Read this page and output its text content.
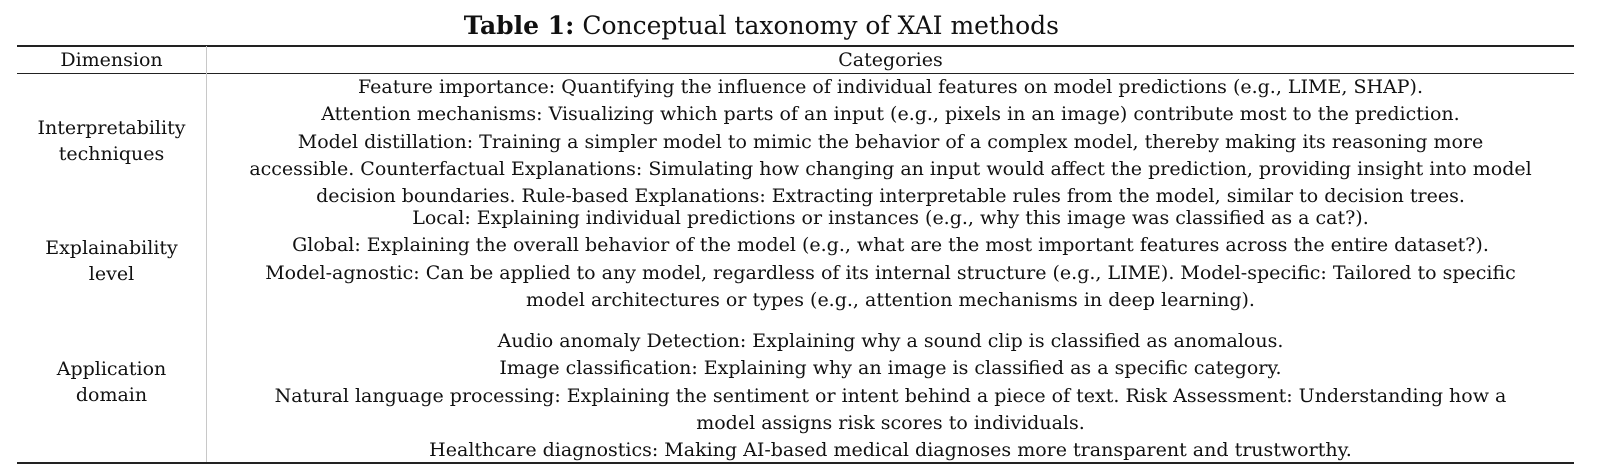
Table 1: Conceptual taxonomy of XAI methods
Dimension	Categories
Interpretability
techniques
Feature importance: Quantifying the influence of individual features on model predictions (e.g., LIME, SHAP).
Attention mechanisms: Visualizing which parts of an input (e.g., pixels in an image) contribute most to the prediction.
Model distillation: Training a simpler model to mimic the behavior of a complex model, thereby making its reasoning more
accessible. Counterfactual Explanations: Simulating how changing an input would affect the prediction, providing insight into model
decision boundaries. Rule-based Explanations: Extracting interpretable rules from the model, similar to decision trees.
Explainability
level
Local: Explaining individual predictions or instances (e.g., why this image was classified as a cat?).
Global: Explaining the overall behavior of the model (e.g., what are the most important features across the entire dataset?).
Model-agnostic: Can be applied to any model, regardless of its internal structure (e.g., LIME). Model-specific: Tailored to specific
model architectures or types (e.g., attention mechanisms in deep learning).
Application
domain
Audio anomaly Detection: Explaining why a sound clip is classified as anomalous.
Image classification: Explaining why an image is classified as a specific category.
Natural language processing: Explaining the sentiment or intent behind a piece of text. Risk Assessment: Understanding how a
model assigns risk scores to individuals.
Healthcare diagnostics: Making AI-based medical diagnoses more transparent and trustworthy.
